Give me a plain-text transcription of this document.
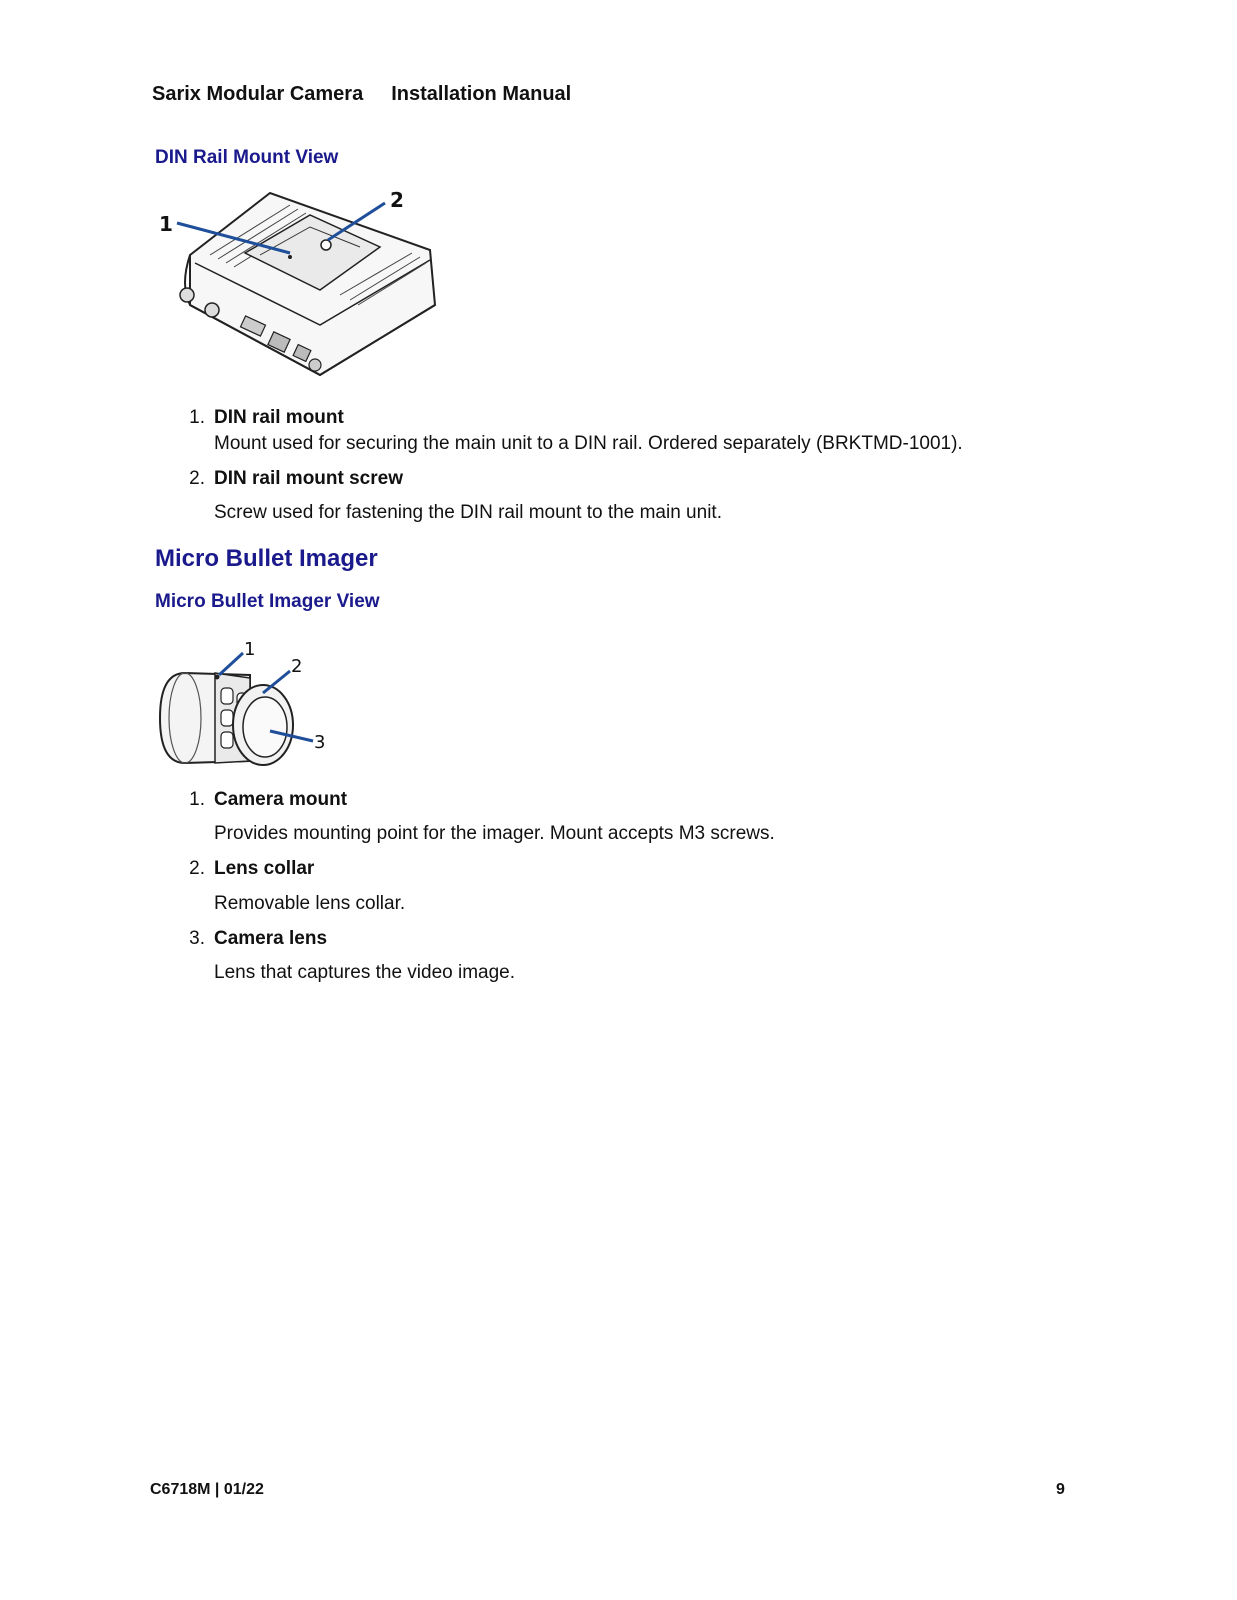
Sarix Modular Camera Installation Manual
DIN Rail Mount View
1
2
1. DIN rail mount
Mount used for securing the main unit to a DIN rail. Ordered separately (BRKTMD-1001).
2. DIN rail mount screw
Screw used for fastening the DIN rail mount to the main unit.
Micro Bullet Imager
Micro Bullet Imager View
1
2
3
1. Camera mount
Provides mounting point for the imager. Mount accepts M3 screws.
2. Lens collar
Removable lens collar.
3. Camera lens
Lens that captures the video image.
C6718M | 01/22	9
